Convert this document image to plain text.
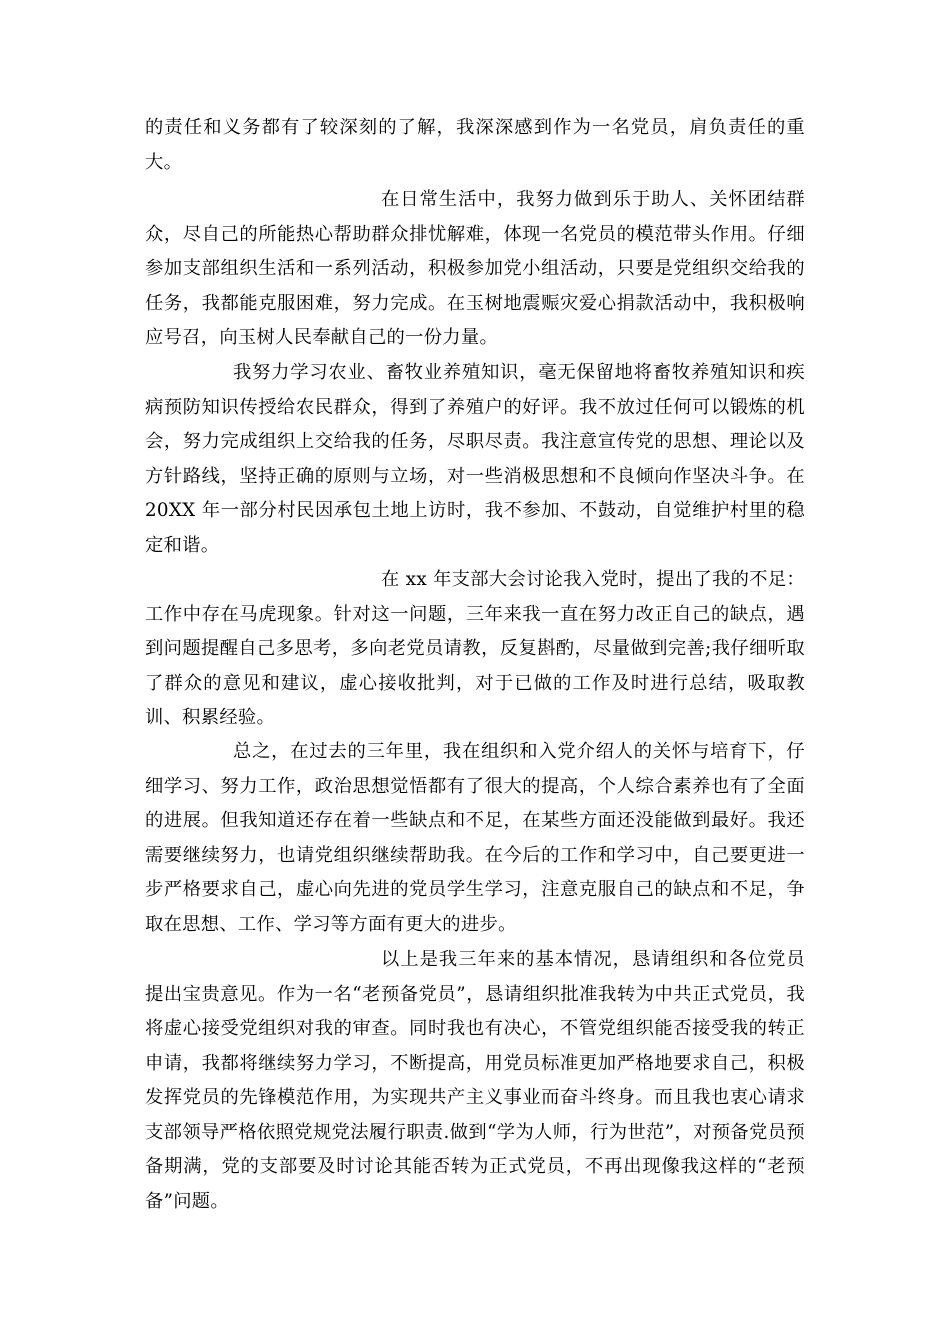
的责任和义务都有了较深刻的了解，我深深感到作为一名党员，肩负责任的重大。

在日常生活中，我努力做到乐于助人、关怀团结群众，尽自己的所能热心帮助群众排忧解难，体现一名党员的模范带头作用。仔细参加支部组织生活和一系列活动，积极参加党小组活动，只要是党组织交给我的任务，我都能克服困难，努力完成。在玉树地震赈灾爱心捐款活动中，我积极响应号召，向玉树人民奉献自己的一份力量。

我努力学习农业、畜牧业养殖知识，毫无保留地将畜牧养殖知识和疾病预防知识传授给农民群众，得到了养殖户的好评。我不放过任何可以锻炼的机会，努力完成组织上交给我的任务，尽职尽责。我注意宣传党的思想、理论以及方针路线，坚持正确的原则与立场，对一些消极思想和不良倾向作坚决斗争。在 20XX 年一部分村民因承包土地上访时，我不参加、不鼓动，自觉维护村里的稳定和谐。

在 xx 年支部大会讨论我入党时，提出了我的不足：工作中存在马虎现象。针对这一问题，三年来我一直在努力改正自己的缺点，遇到问题提醒自己多思考，多向老党员请教，反复斟酌，尽量做到完善;我仔细听取了群众的意见和建议，虚心接收批判，对于已做的工作及时进行总结，吸取教训、积累经验。

总之，在过去的三年里，我在组织和入党介绍人的关怀与培育下，仔细学习、努力工作，政治思想觉悟都有了很大的提高，个人综合素养也有了全面的进展。但我知道还存在着一些缺点和不足，在某些方面还没能做到最好。我还需要继续努力，也请党组织继续帮助我。在今后的工作和学习中，自己要更进一步严格要求自己，虚心向先进的党员学生学习，注意克服自己的缺点和不足，争取在思想、工作、学习等方面有更大的进步。

以上是我三年来的基本情况，恳请组织和各位党员提出宝贵意见。作为一名“老预备党员”，恳请组织批准我转为中共正式党员，我将虚心接受党组织对我的审查。同时我也有决心，不管党组织能否接受我的转正申请，我都将继续努力学习，不断提高，用党员标准更加严格地要求自己，积极发挥党员的先锋模范作用，为实现共产主义事业而奋斗终身。而且我也衷心请求支部领导严格依照党规党法履行职责.做到“学为人师，行为世范”，对预备党员预备期满，党的支部要及时讨论其能否转为正式党员，不再出现像我这样的“老预备”问题。
